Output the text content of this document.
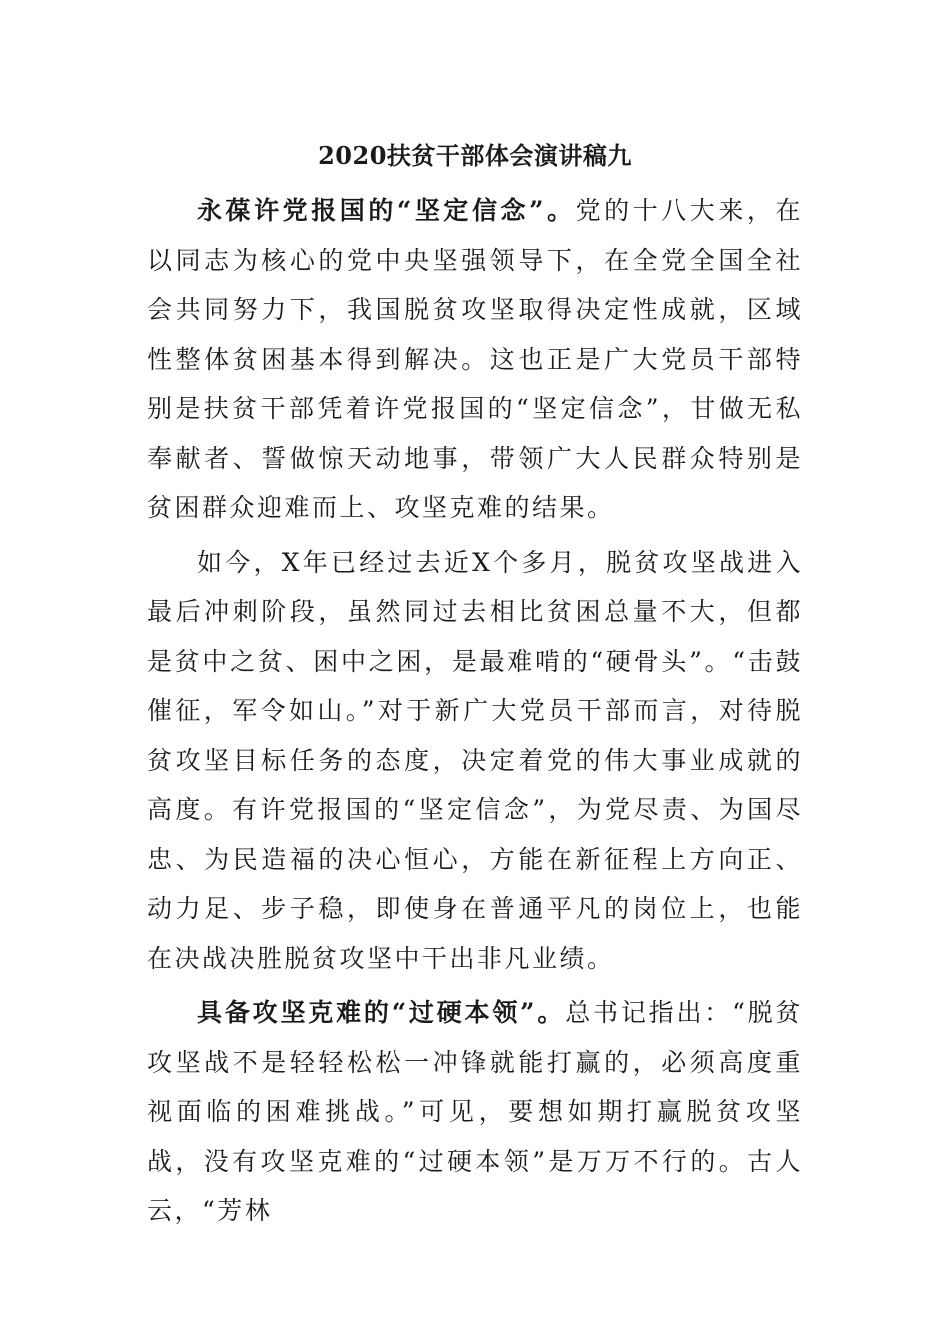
2020扶贫干部体会演讲稿九

永葆许党报国的“坚定信念”。党的十八大来，在以同志为核心的党中央坚强领导下，在全党全国全社会共同努力下，我国脱贫攻坚取得决定性成就，区域性整体贫困基本得到解决。这也正是广大党员干部特别是扶贫干部凭着许党报国的“坚定信念”，甘做无私奉献者、誓做惊天动地事，带领广大人民群众特别是贫困群众迎难而上、攻坚克难的结果。

如今，X年已经过去近X个多月，脱贫攻坚战进入最后冲刺阶段，虽然同过去相比贫困总量不大，但都是贫中之贫、困中之困，是最难啃的“硬骨头”。“击鼓催征，军令如山。”对于新广大党员干部而言，对待脱贫攻坚目标任务的态度，决定着党的伟大事业成就的高度。有许党报国的“坚定信念”，为党尽责、为国尽忠、为民造福的决心恒心，方能在新征程上方向正、动力足、步子稳，即使身在普通平凡的岗位上，也能在决战决胜脱贫攻坚中干出非凡业绩。

具备攻坚克难的“过硬本领”。总书记指出：“脱贫攻坚战不是轻轻松松一冲锋就能打赢的，必须高度重视面临的困难挑战。”可见，要想如期打赢脱贫攻坚战，没有攻坚克难的“过硬本领”是万万不行的。古人云，“芳林
